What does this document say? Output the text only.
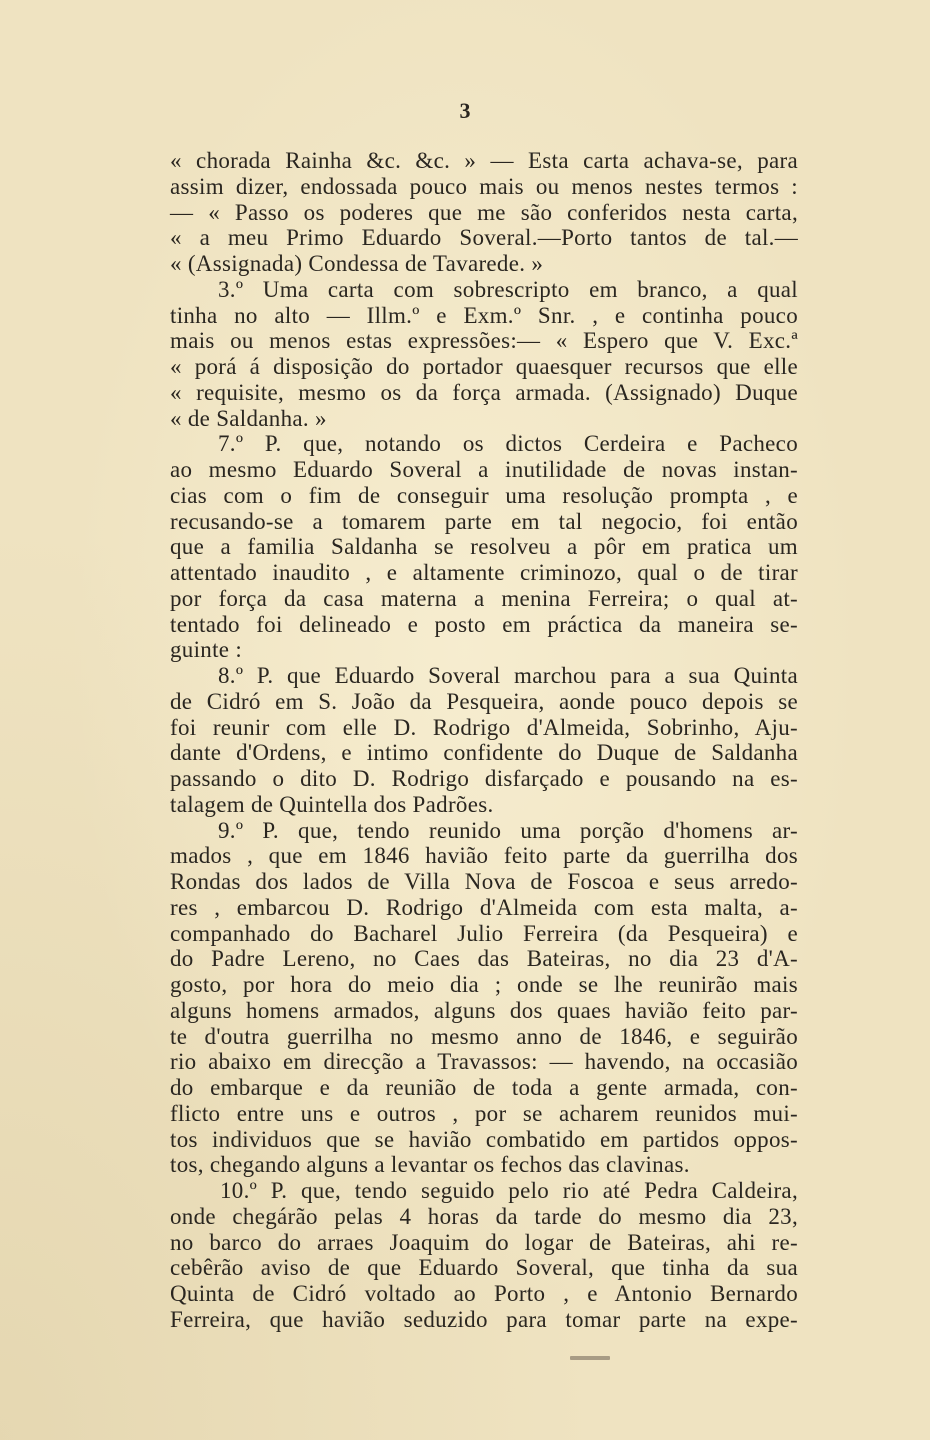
3
« chorada Rainha &c. &c. » — Esta carta achava-se, para
assim dizer, endossada pouco mais ou menos nestes termos :
— « Passo os poderes que me são conferidos nesta carta,
« a meu Primo Eduardo Soveral.—Porto tantos de tal.—
« (Assignada) Condessa de Tavarede. »
3.º Uma carta com sobrescripto em branco, a qual
tinha no alto — Illm.º e Exm.º Snr. , e continha pouco
mais ou menos estas expressões:— « Espero que V. Exc.ª
« porá á disposição do portador quaesquer recursos que elle
« requisite, mesmo os da força armada. (Assignado) Duque
« de Saldanha. »
7.º P. que, notando os dictos Cerdeira e Pacheco
ao mesmo Eduardo Soveral a inutilidade de novas instan-
cias com o fim de conseguir uma resolução prompta , e
recusando-se a tomarem parte em tal negocio, foi então
que a familia Saldanha se resolveu a pôr em pratica um
attentado inaudito , e altamente criminozo, qual o de tirar
por força da casa materna a menina Ferreira; o qual at-
tentado foi delineado e posto em práctica da maneira se-
guinte :
8.º P. que Eduardo Soveral marchou para a sua Quinta
de Cidró em S. João da Pesqueira, aonde pouco depois se
foi reunir com elle D. Rodrigo d'Almeida, Sobrinho, Aju-
dante d'Ordens, e intimo confidente do Duque de Saldanha
passando o dito D. Rodrigo disfarçado e pousando na es-
talagem de Quintella dos Padrões.
9.º P. que, tendo reunido uma porção d'homens ar-
mados , que em 1846 havião feito parte da guerrilha dos
Rondas dos lados de Villa Nova de Foscoa e seus arredo-
res , embarcou D. Rodrigo d'Almeida com esta malta, a-
companhado do Bacharel Julio Ferreira (da Pesqueira) e
do Padre Lereno, no Caes das Bateiras, no dia 23 d'A-
gosto, por hora do meio dia ; onde se lhe reunirão mais
alguns homens armados, alguns dos quaes havião feito par-
te d'outra guerrilha no mesmo anno de 1846, e seguirão
rio abaixo em direcção a Travassos: — havendo, na occasião
do embarque e da reunião de toda a gente armada, con-
flicto entre uns e outros , por se acharem reunidos mui-
tos individuos que se havião combatido em partidos oppos-
tos, chegando alguns a levantar os fechos das clavinas.
10.º P. que, tendo seguido pelo rio até Pedra Caldeira,
onde chegárão pelas 4 horas da tarde do mesmo dia 23,
no barco do arraes Joaquim do logar de Bateiras, ahi re-
cebêrão aviso de que Eduardo Soveral, que tinha da sua
Quinta de Cidró voltado ao Porto , e Antonio Bernardo
Ferreira, que havião seduzido para tomar parte na expe-
